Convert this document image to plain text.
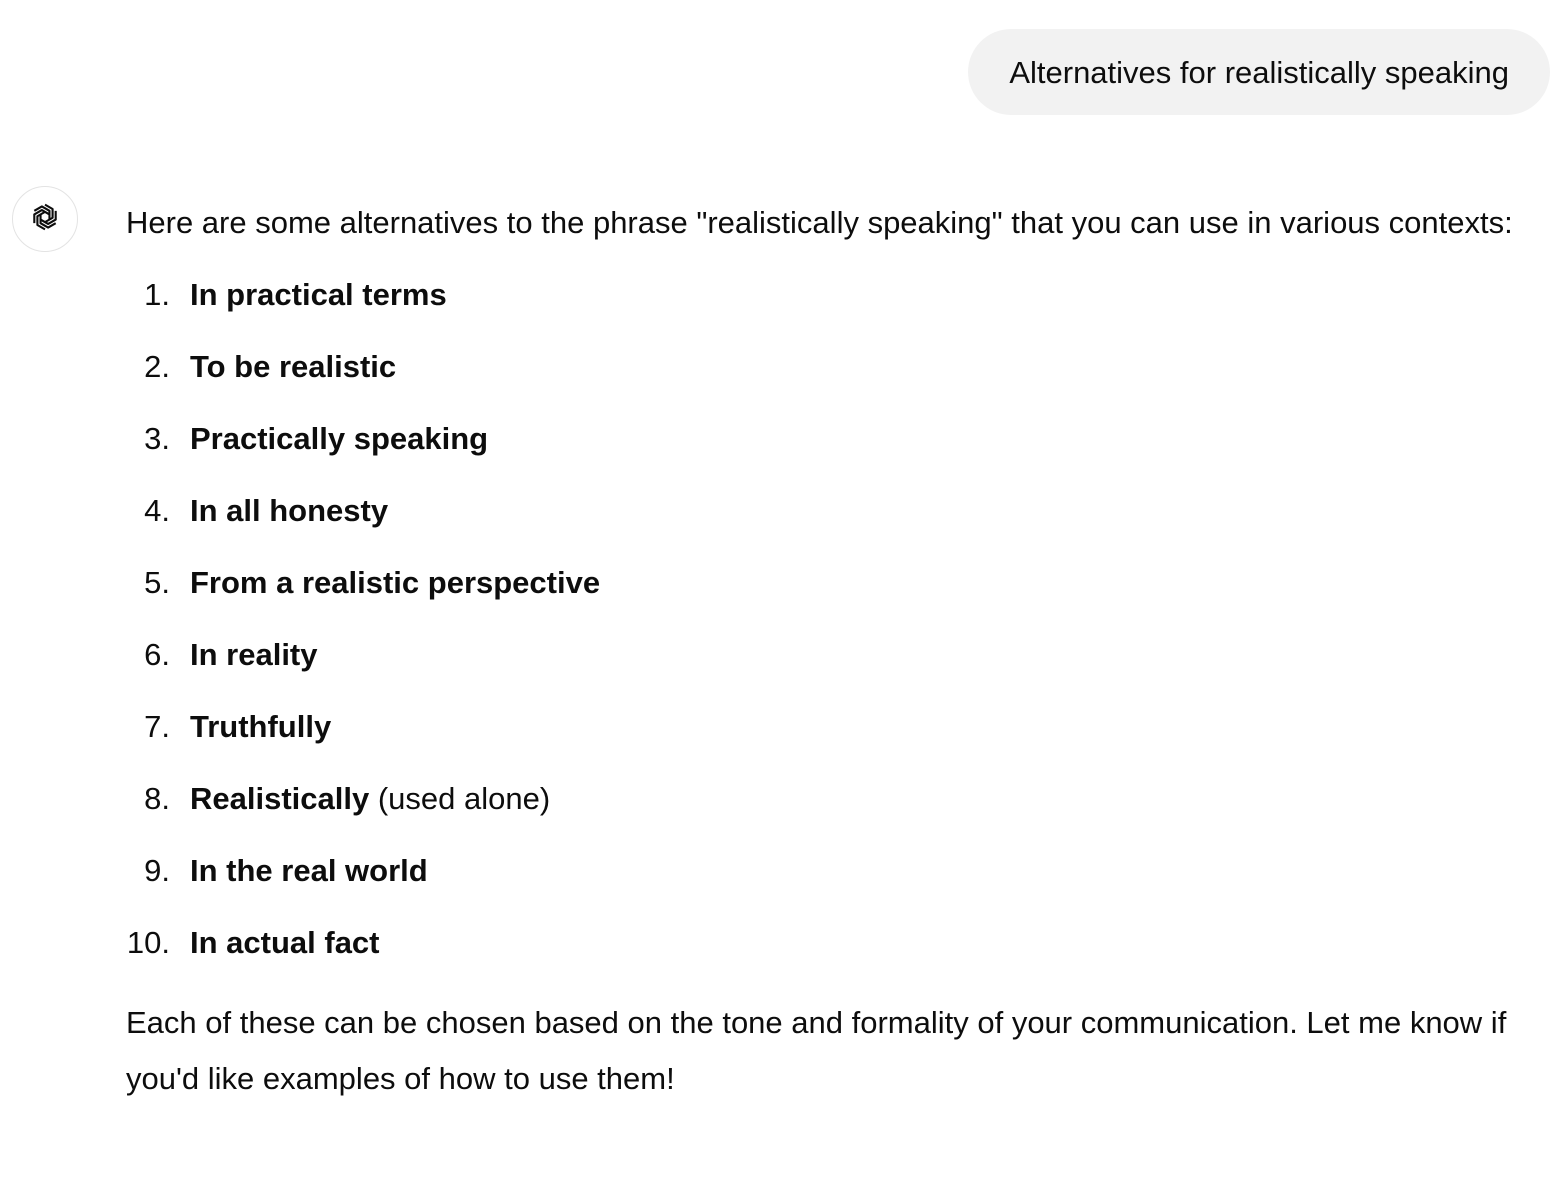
Alternatives for realistically speaking

Here are some alternatives to the phrase "realistically speaking" that you can use in various contexts:

1. In practical terms
2. To be realistic
3. Practically speaking
4. In all honesty
5. From a realistic perspective
6. In reality
7. Truthfully
8. Realistically (used alone)
9. In the real world
10. In actual fact

Each of these can be chosen based on the tone and formality of your communication. Let me know if you'd like examples of how to use them!
